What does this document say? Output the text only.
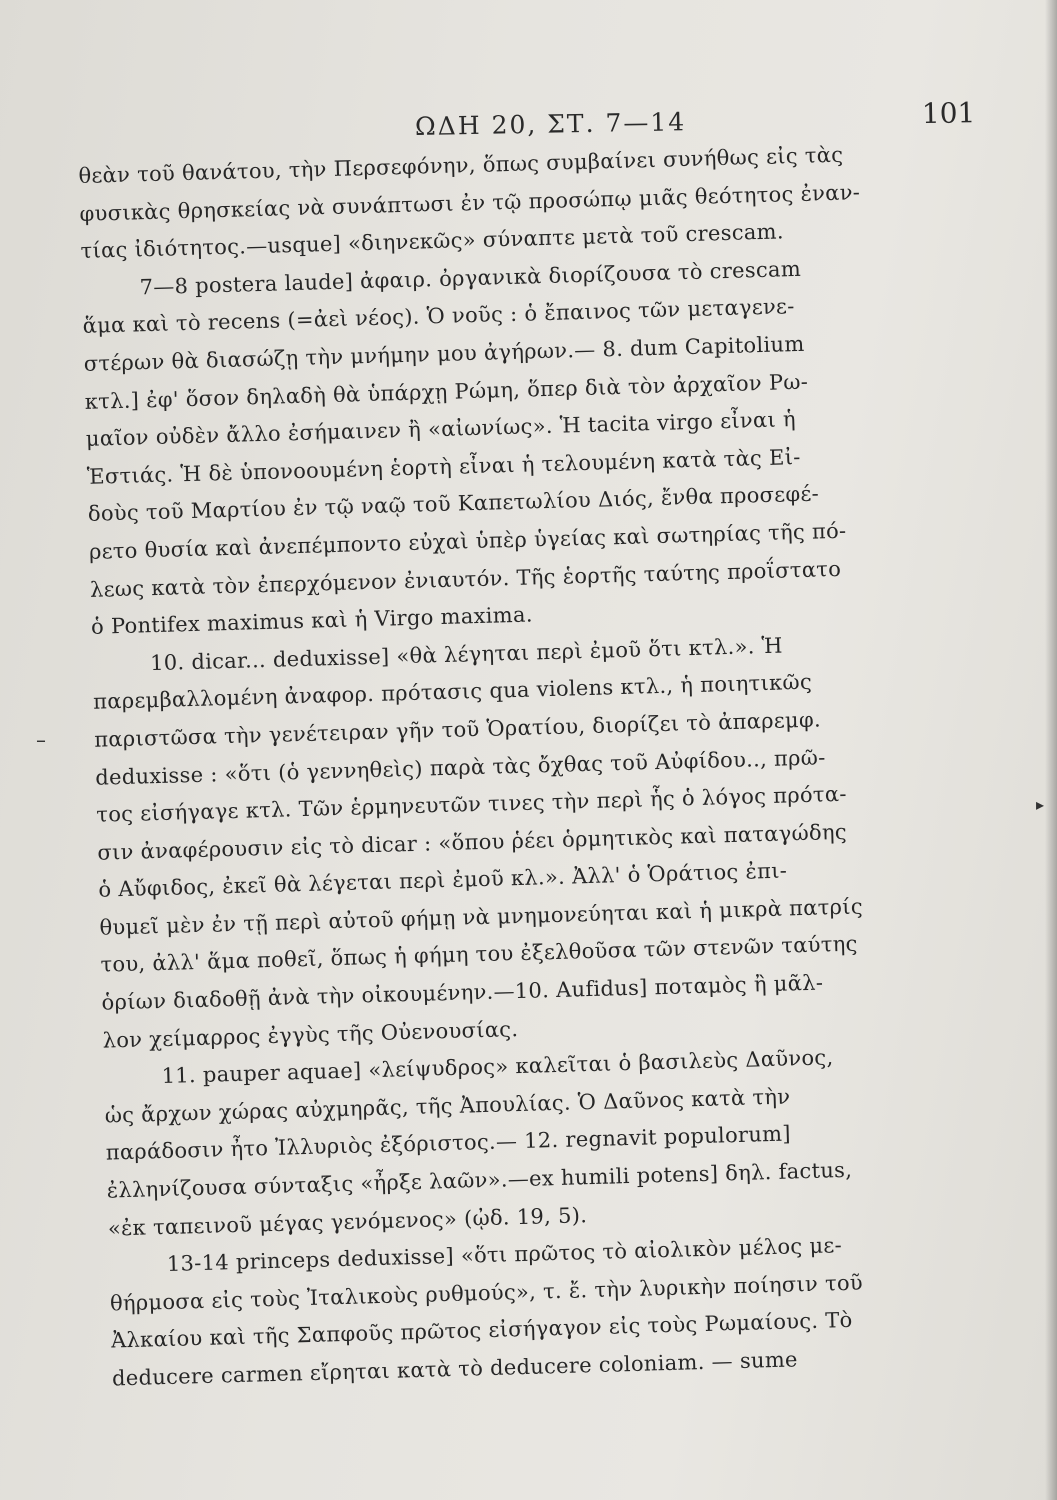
ΩΔΗ 20, ΣΤ. 7—14	101
θεὰν τοῦ θανάτου, τὴν Περσεφόνην, ὅπως συμβαίνει συνήθως εἰς τὰς
φυσικὰς θρησκείας νὰ συνάπτωσι ἐν τῷ προσώπῳ μιᾶς θεότητος ἐναν-
τίας ἰδιότητος.—usque] «διηνεκῶς» σύναπτε μετὰ τοῦ crescam.
7—8 postera laude] ἀφαιρ. ὀργανικὰ διορίζουσα τὸ crescam
ἅμα καὶ τὸ recens (=ἀεὶ νέος). Ὁ νοῦς : ὁ ἔπαινος τῶν μεταγενε-
στέρων θὰ διασώζῃ τὴν μνήμην μου ἀγήρων.— 8. dum Capitolium
κτλ.] ἐφ' ὅσον δηλαδὴ θὰ ὑπάρχῃ Ρώμη, ὅπερ διὰ τὸν ἀρχαῖον Ρω-
μαῖον οὐδὲν ἄλλο ἐσήμαινεν ἢ «αἰωνίως». Ἡ tacita virgo εἶναι ἡ
Ἑστιάς. Ἡ δὲ ὑπονοουμένη ἑορτὴ εἶναι ἡ τελουμένη κατὰ τὰς Εἰ-
δοὺς τοῦ Μαρτίου ἐν τῷ ναῷ τοῦ Καπετωλίου Διός, ἔνθα προσεφέ-
ρετο θυσία καὶ ἀνεπέμποντο εὐχαὶ ὑπὲρ ὑγείας καὶ σωτηρίας τῆς πό-
λεως κατὰ τὸν ἐπερχόμενον ἐνιαυτόν. Τῆς ἑορτῆς ταύτης προΐστατο
ὁ Pontifex maximus καὶ ἡ Virgo maxima.
10. dicar... deduxisse] «θὰ λέγηται περὶ ἐμοῦ ὅτι κτλ.». Ἡ
παρεμβαλλομένη ἀναφορ. πρότασις qua violens κτλ., ἡ ποιητικῶς
παριστῶσα τὴν γενέτειραν γῆν τοῦ Ὁρατίου, διορίζει τὸ ἀπαρεμφ.
deduxisse : «ὅτι (ὁ γεννηθεὶς) παρὰ τὰς ὄχθας τοῦ Αὐφίδου.., πρῶ-
τος εἰσήγαγε κτλ. Τῶν ἑρμηνευτῶν τινες τὴν περὶ ἧς ὁ λόγος πρότα-
σιν ἀναφέρουσιν εἰς τὸ dicar : «ὅπου ῥέει ὁρμητικὸς καὶ παταγώδης
ὁ Αὔφιδος, ἐκεῖ θὰ λέγεται περὶ ἐμοῦ κλ.». Ἀλλ' ὁ Ὁράτιος ἐπι-
θυμεῖ μὲν ἐν τῇ περὶ αὐτοῦ φήμῃ νὰ μνημονεύηται καὶ ἡ μικρὰ πατρίς
του, ἀλλ' ἅμα ποθεῖ, ὅπως ἡ φήμη του ἐξελθοῦσα τῶν στενῶν ταύτης
ὁρίων διαδοθῇ ἀνὰ τὴν οἰκουμένην.—10. Aufidus] ποταμὸς ἢ μᾶλ-
λον χείμαρρος ἐγγὺς τῆς Οὐενουσίας.
11. pauper aquae] «λείψυδρος» καλεῖται ὁ βασιλεὺς Δαῦνος,
ὡς ἄρχων χώρας αὐχμηρᾶς, τῆς Ἀπουλίας. Ὁ Δαῦνος κατὰ τὴν
παράδοσιν ἦτο Ἰλλυριὸς ἐξόριστος.— 12. regnavit populorum]
ἐλληνίζουσα σύνταξις «ἦρξε λαῶν».—ex humili potens] δηλ. factus,
«ἐκ ταπεινοῦ μέγας γενόμενος» (ᾠδ. 19, 5).
13-14 princeps deduxisse] «ὅτι πρῶτος τὸ αἰολικὸν μέλος με-
θήρμοσα εἰς τοὺς Ἰταλικοὺς ρυθμούς», τ. ἔ. τὴν λυρικὴν ποίησιν τοῦ
Ἀλκαίου καὶ τῆς Σαπφοῦς πρῶτος εἰσήγαγον εἰς τοὺς Ρωμαίους. Τὸ
deducere carmen εἴρηται κατὰ τὸ deducere coloniam. — sume
–
▸
